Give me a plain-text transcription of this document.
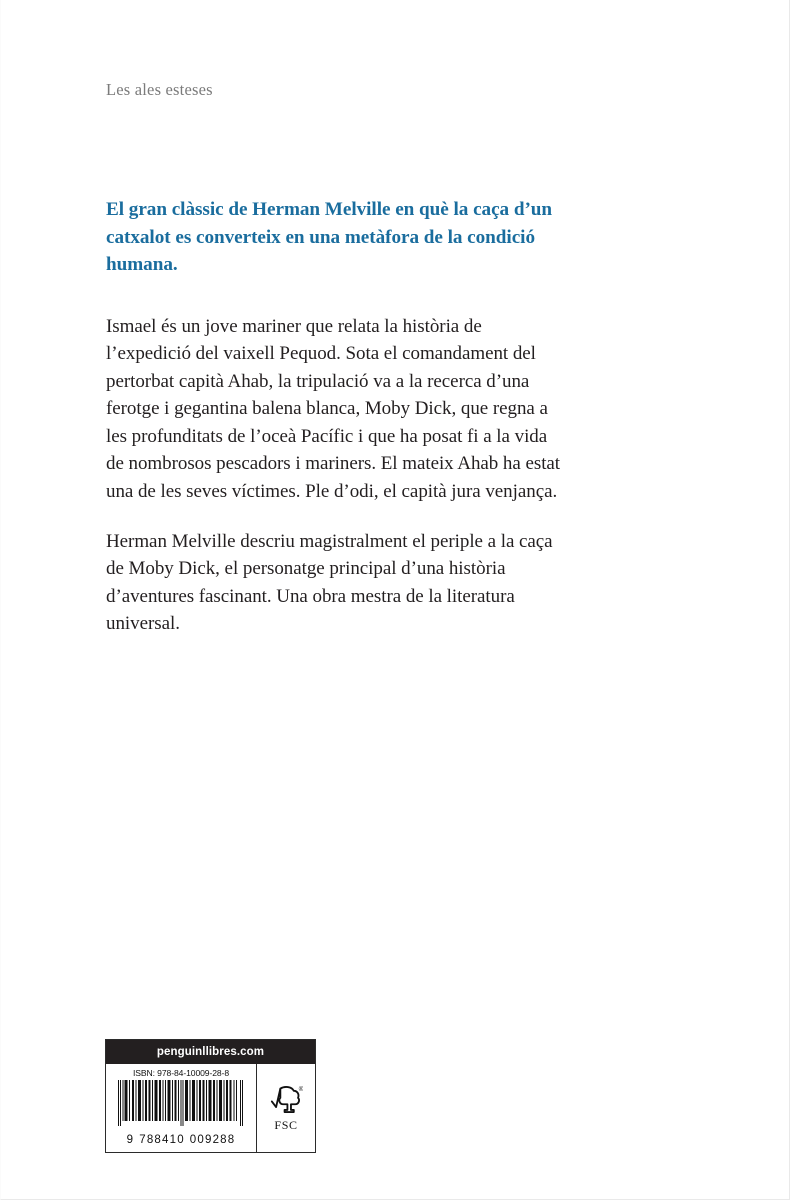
Les ales esteses

El gran clàssic de Herman Melville en què la caça d’un catxalot es converteix en una metàfora de la condició humana.

Ismael és un jove mariner que relata la història de l’expedició del vaixell Pequod. Sota el comandament del pertorbat capità Ahab, la tripulació va a la recerca d’una ferotge i gegantina balena blanca, Moby Dick, que regna a les profunditats de l’oceà Pacífic i que ha posat fi a la vida de nombrosos pescadors i mariners. El mateix Ahab ha estat una de les seves víctimes. Ple d’odi, el capità jura venjança.

Herman Melville descriu magistralment el periple a la caça de Moby Dick, el personatge principal d’una història d’aventures fascinant. Una obra mestra de la literatura universal.

penguinllibres.com
ISBN: 978-84-10009-28-8
9 788410 009288
®
FSC
